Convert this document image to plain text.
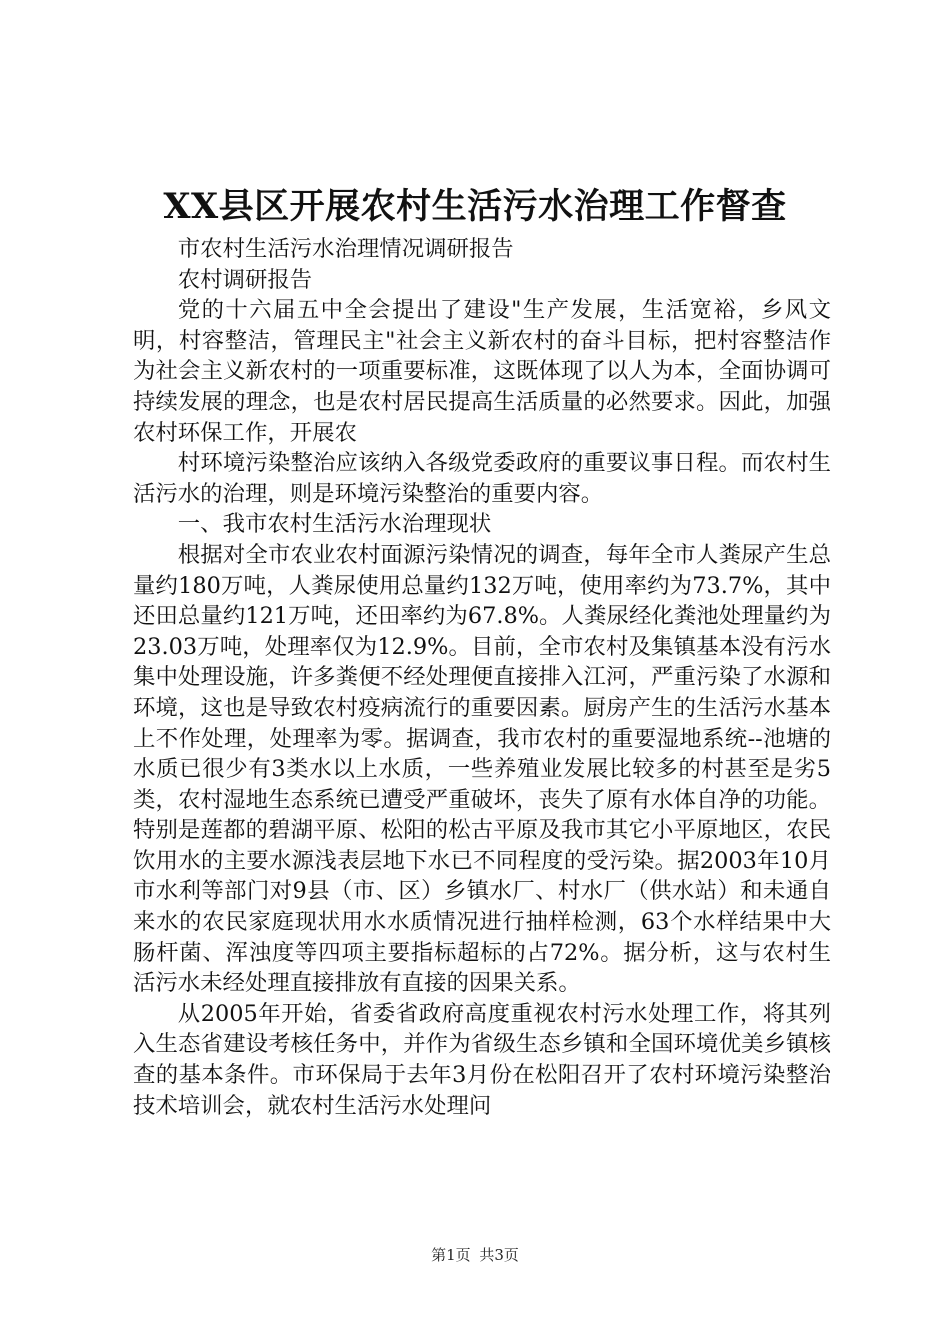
XX县区开展农村生活污水治理工作督查

市农村生活污水治理情况调研报告

农村调研报告

党的十六届五中全会提出了建设"生产发展，生活宽裕，乡风文明，村容整洁，管理民主"社会主义新农村的奋斗目标，把村容整洁作为社会主义新农村的一项重要标准，这既体现了以人为本，全面协调可持续发展的理念，也是农村居民提高生活质量的必然要求。因此，加强农村环保工作，开展农

村环境污染整治应该纳入各级党委政府的重要议事日程。而农村生活污水的治理，则是环境污染整治的重要内容。

一、我市农村生活污水治理现状

根据对全市农业农村面源污染情况的调查，每年全市人粪尿产生总量约180万吨，人粪尿使用总量约132万吨，使用率约为73.7%，其中还田总量约121万吨，还田率约为67.8%。人粪尿经化粪池处理量约为23.03万吨，处理率仅为12.9%。目前，全市农村及集镇基本没有污水集中处理设施，许多粪便不经处理便直接排入江河，严重污染了水源和环境，这也是导致农村疫病流行的重要因素。厨房产生的生活污水基本上不作处理，处理率为零。据调查，我市农村的重要湿地系统--池塘的水质已很少有3类水以上水质，一些养殖业发展比较多的村甚至是劣5类，农村湿地生态系统已遭受严重破坏，丧失了原有水体自净的功能。特别是莲都的碧湖平原、松阳的松古平原及我市其它小平原地区，农民饮用水的主要水源浅表层地下水已不同程度的受污染。据2003年10月市水利等部门对9县（市、区）乡镇水厂、村水厂（供水站）和未通自来水的农民家庭现状用水水质情况进行抽样检测，63个水样结果中大肠杆菌、浑浊度等四项主要指标超标的占72%。据分析，这与农村生活污水未经处理直接排放有直接的因果关系。

从2005年开始，省委省政府高度重视农村污水处理工作，将其列入生态省建设考核任务中，并作为省级生态乡镇和全国环境优美乡镇核查的基本条件。市环保局于去年3月份在松阳召开了农村环境污染整治技术培训会，就农村生活污水处理问

第1页 共3页
